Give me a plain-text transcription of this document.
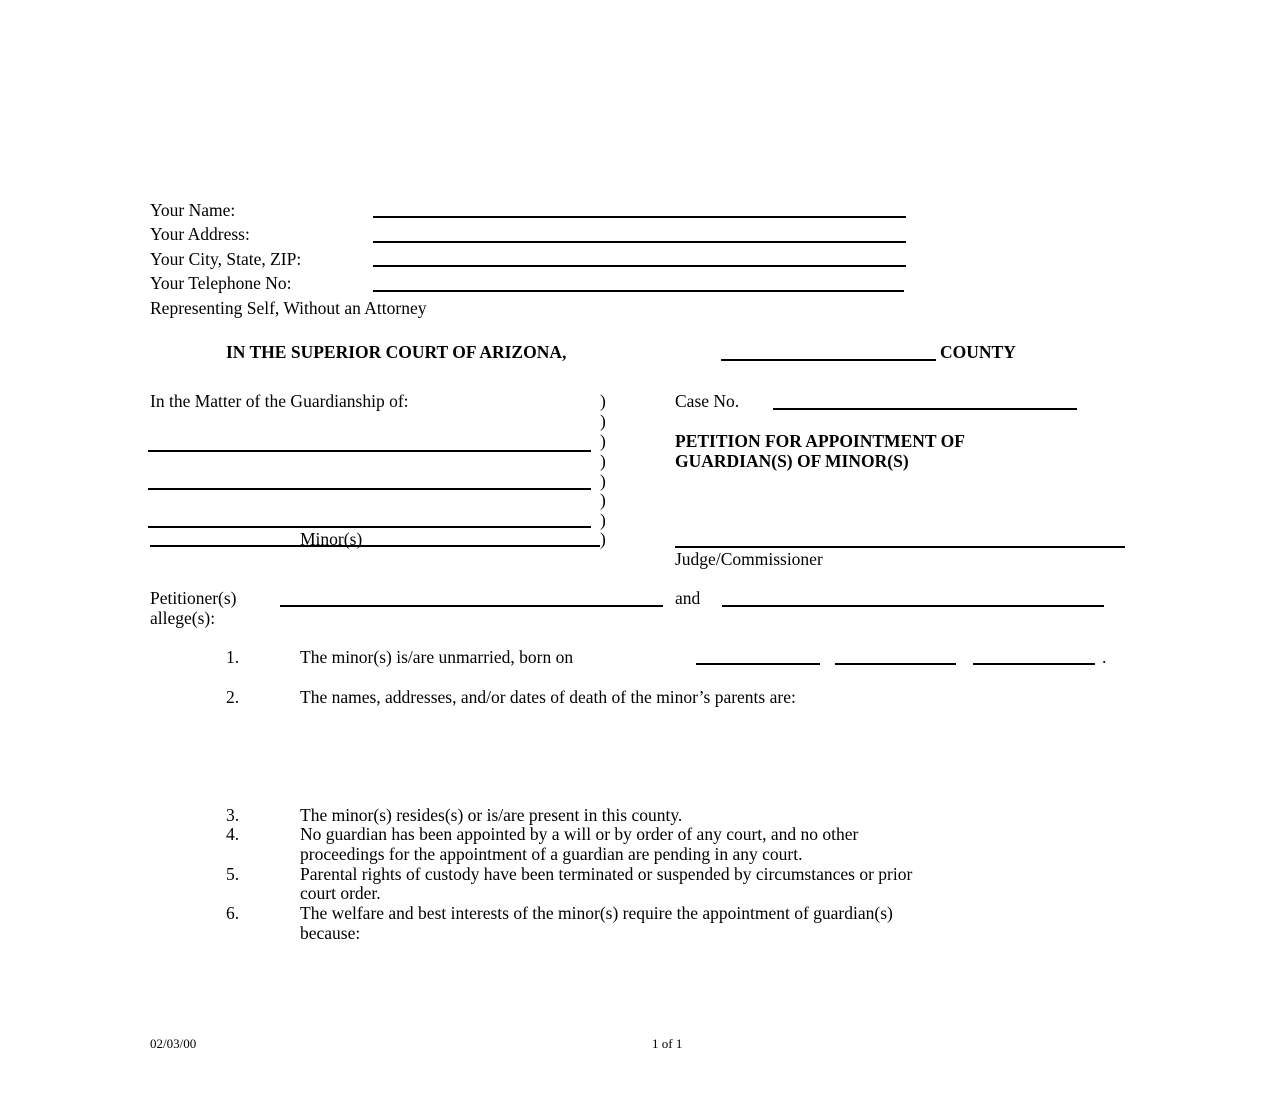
Your Name:
Your Address:
Your City, State, ZIP:
Your Telephone No:
Representing Self, Without an Attorney
IN THE SUPERIOR COURT OF ARIZONA,	COUNTY
In the Matter of the Guardianship of:
Minor(s)
)
)
)
)
)
)
)
)
Case No.
PETITION FOR APPOINTMENT OF
GUARDIAN(S) OF MINOR(S)
Judge/Commissioner
Petitioner(s)	and
allege(s):
1.	The minor(s) is/are unmarried, born on	.
2.	The names, addresses, and/or dates of death of the minor’s parents are:
3.	The minor(s) resides(s) or is/are present in this county.
4.	No guardian has been appointed by a will or by order of any court, and no other
proceedings for the appointment of a guardian are pending in any court.
5.	Parental rights of custody have been terminated or suspended by circumstances or prior
court order.
6.	The welfare and best interests of the minor(s) require the appointment of guardian(s)
because:
02/03/00	1 of 1
